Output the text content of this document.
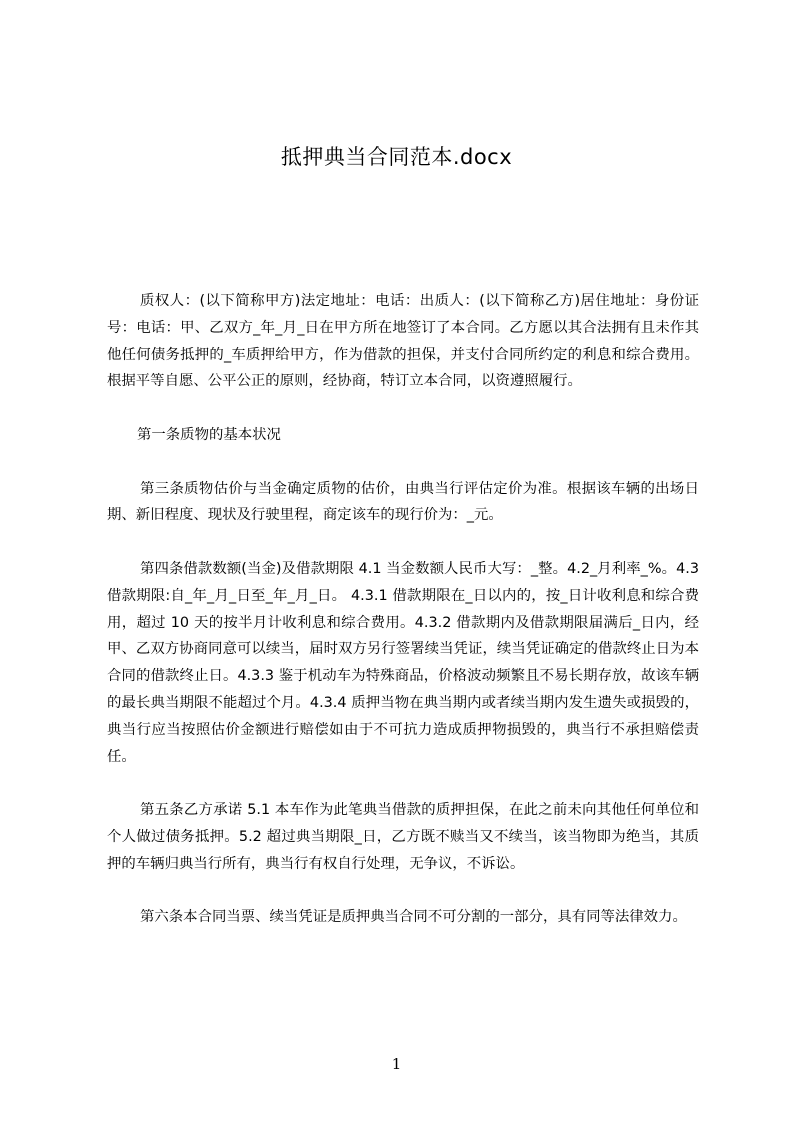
抵押典当合同范本.docx

质权人：(以下简称甲方)法定地址：电话：出质人：(以下简称乙方)居住地址：身份证号：电话：甲、乙双方_年_月_日在甲方所在地签订了本合同。乙方愿以其合法拥有且未作其他任何债务抵押的_车质押给甲方，作为借款的担保，并支付合同所约定的利息和综合费用。根据平等自愿、公平公正的原则，经协商，特订立本合同，以资遵照履行。

第一条质物的基本状况

第三条质物估价与当金确定质物的估价，由典当行评估定价为准。根据该车辆的出场日期、新旧程度、现状及行驶里程，商定该车的现行价为：_元。

第四条借款数额(当金)及借款期限 4.1 当金数额人民币大写：_整。4.2_月利率_%。4.3 借款期限:自_年_月_日至_年_月_日。 4.3.1 借款期限在_日以内的，按_日计收利息和综合费用，超过 10 天的按半月计收利息和综合费用。4.3.2 借款期内及借款期限届满后_日内，经甲、乙双方协商同意可以续当，届时双方另行签署续当凭证，续当凭证确定的借款终止日为本合同的借款终止日。4.3.3 鉴于机动车为特殊商品，价格波动频繁且不易长期存放，故该车辆的最长典当期限不能超过个月。4.3.4 质押当物在典当期内或者续当期内发生遗失或损毁的，典当行应当按照估价金额进行赔偿如由于不可抗力造成质押物损毁的，典当行不承担赔偿责任。

第五条乙方承诺 5.1 本车作为此笔典当借款的质押担保，在此之前未向其他任何单位和个人做过债务抵押。5.2 超过典当期限_日，乙方既不赎当又不续当，该当物即为绝当，其质押的车辆归典当行所有，典当行有权自行处理，无争议，不诉讼。

第六条本合同当票、续当凭证是质押典当合同不可分割的一部分，具有同等法律效力。

1
